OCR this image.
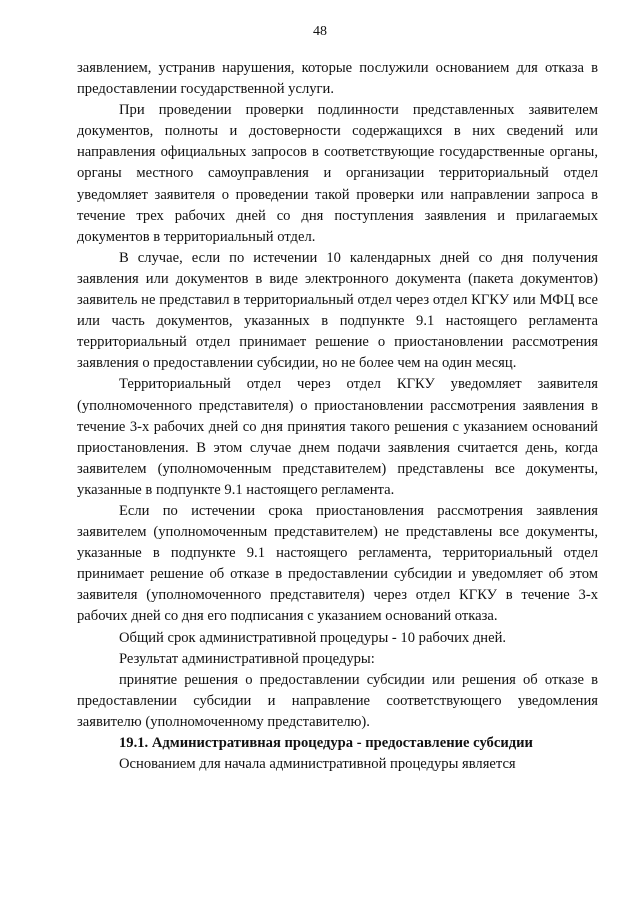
48

заявлением, устранив нарушения, которые послужили основанием для отказа в предоставлении государственной услуги.

При проведении проверки подлинности представленных заявителем документов, полноты и достоверности содержащихся в них сведений или направления официальных запросов в соответствующие государственные органы, органы местного самоуправления и организации территориальный отдел уведомляет заявителя о проведении такой проверки или направлении запроса в течение трех рабочих дней со дня поступления заявления и прилагаемых документов в территориальный отдел.

В случае, если по истечении 10 календарных дней со дня получения заявления или документов в виде электронного документа (пакета документов) заявитель не представил в территориальный отдел через отдел КГКУ или МФЦ все или часть документов, указанных в подпункте 9.1 настоящего регламента территориальный отдел принимает решение о приостановлении рассмотрения заявления о предоставлении субсидии, но не более чем на один месяц.

Территориальный отдел через отдел КГКУ уведомляет заявителя (уполномоченного представителя) о приостановлении рассмотрения заявления в течение 3-х рабочих дней со дня принятия такого решения с указанием оснований приостановления. В этом случае днем подачи заявления считается день, когда заявителем (уполномоченным представителем) представлены все документы, указанные в подпункте 9.1 настоящего регламента.

Если по истечении срока приостановления рассмотрения заявления заявителем (уполномоченным представителем) не представлены все документы, указанные в подпункте 9.1 настоящего регламента, территориальный отдел принимает решение об отказе в предоставлении субсидии и уведомляет об этом заявителя (уполномоченного представителя) через отдел КГКУ в течение 3-х рабочих дней со дня его подписания с указанием оснований отказа.

Общий срок административной процедуры - 10 рабочих дней.

Результат административной процедуры:

принятие решения о предоставлении субсидии или решения об отказе в предоставлении субсидии и направление соответствующего уведомления заявителю (уполномоченному представителю).

19.1. Административная процедура - предоставление субсидии

Основанием для начала административной процедуры является
